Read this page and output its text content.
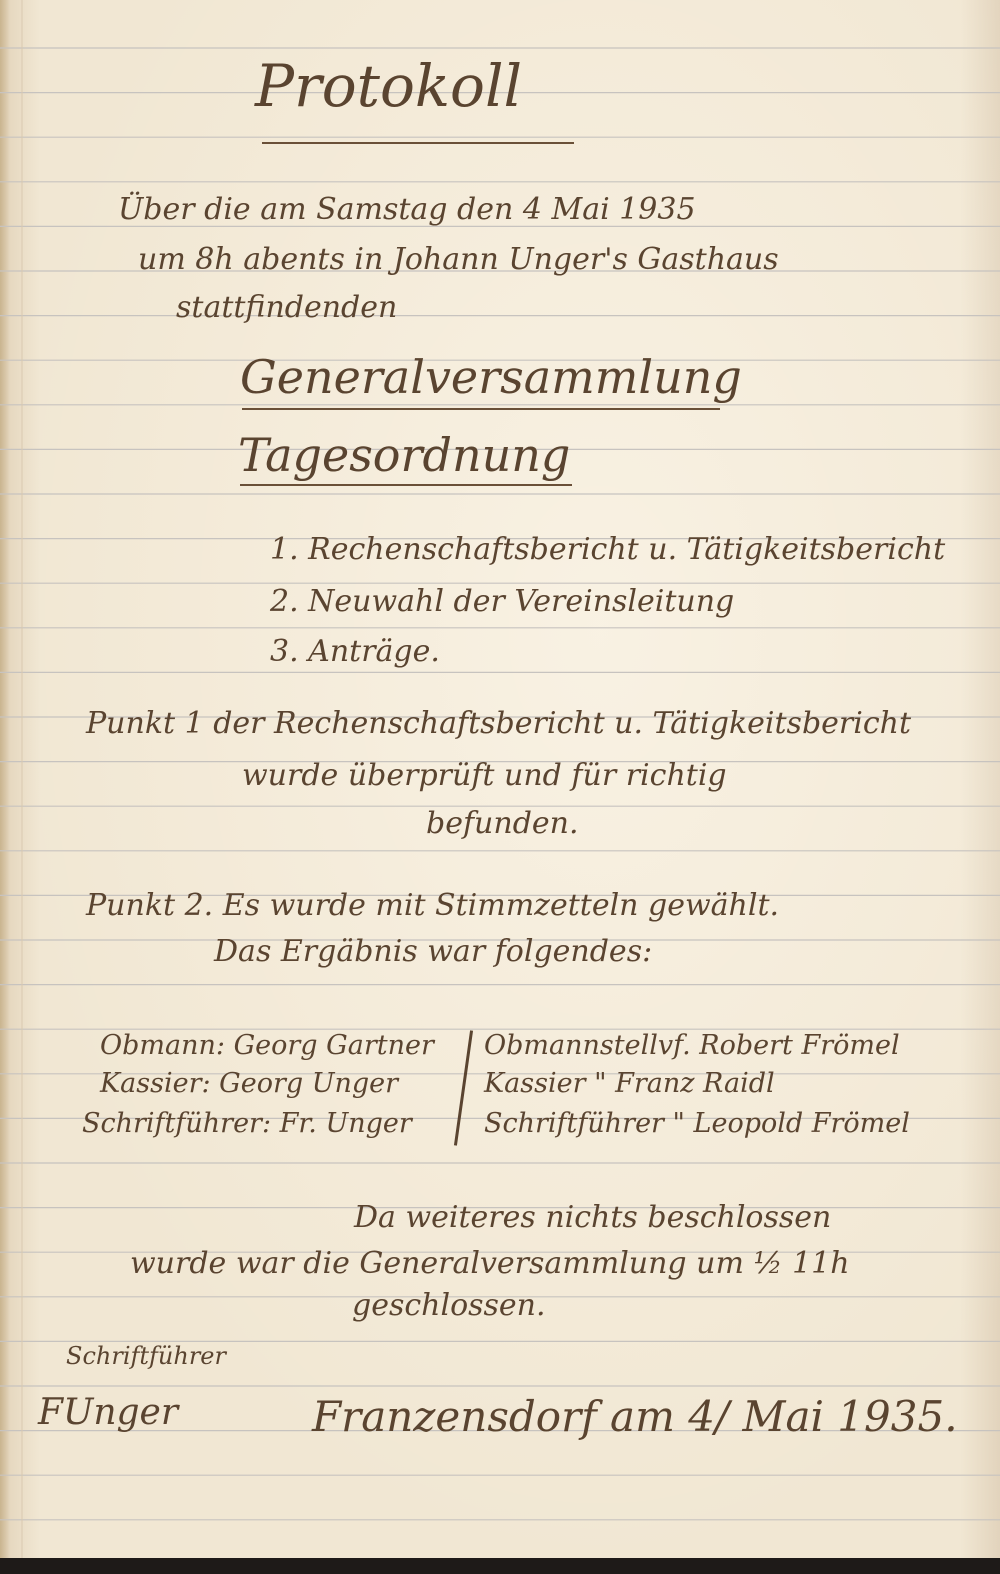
Protokoll
Über die am Samstag den 4 Mai 1935
um 8h abents in Johann Unger's Gasthaus
stattfindenden
Generalversammlung
Tagesordnung
1. Rechenschaftsbericht u. Tätigkeitsbericht
2. Neuwahl der Vereinsleitung
3. Anträge.
Punkt 1 der Rechenschaftsbericht u. Tätigkeitsbericht
wurde überprüft und für richtig
befunden.
Punkt 2. Es wurde mit Stimmzetteln gewählt.
Das Ergäbnis war folgendes:
Obmann: Georg Gartner
Kassier: Georg Unger
Schriftführer: Fr. Unger
Obmannstellvf. Robert Frömel
Kassier " Franz Raidl
Schriftführer " Leopold Frömel
Da weiteres nichts beschlossen
wurde war die Generalversammlung um ½ 11h
geschlossen.
Schriftführer
FUnger	Franzensdorf am 4/ Mai 1935.
